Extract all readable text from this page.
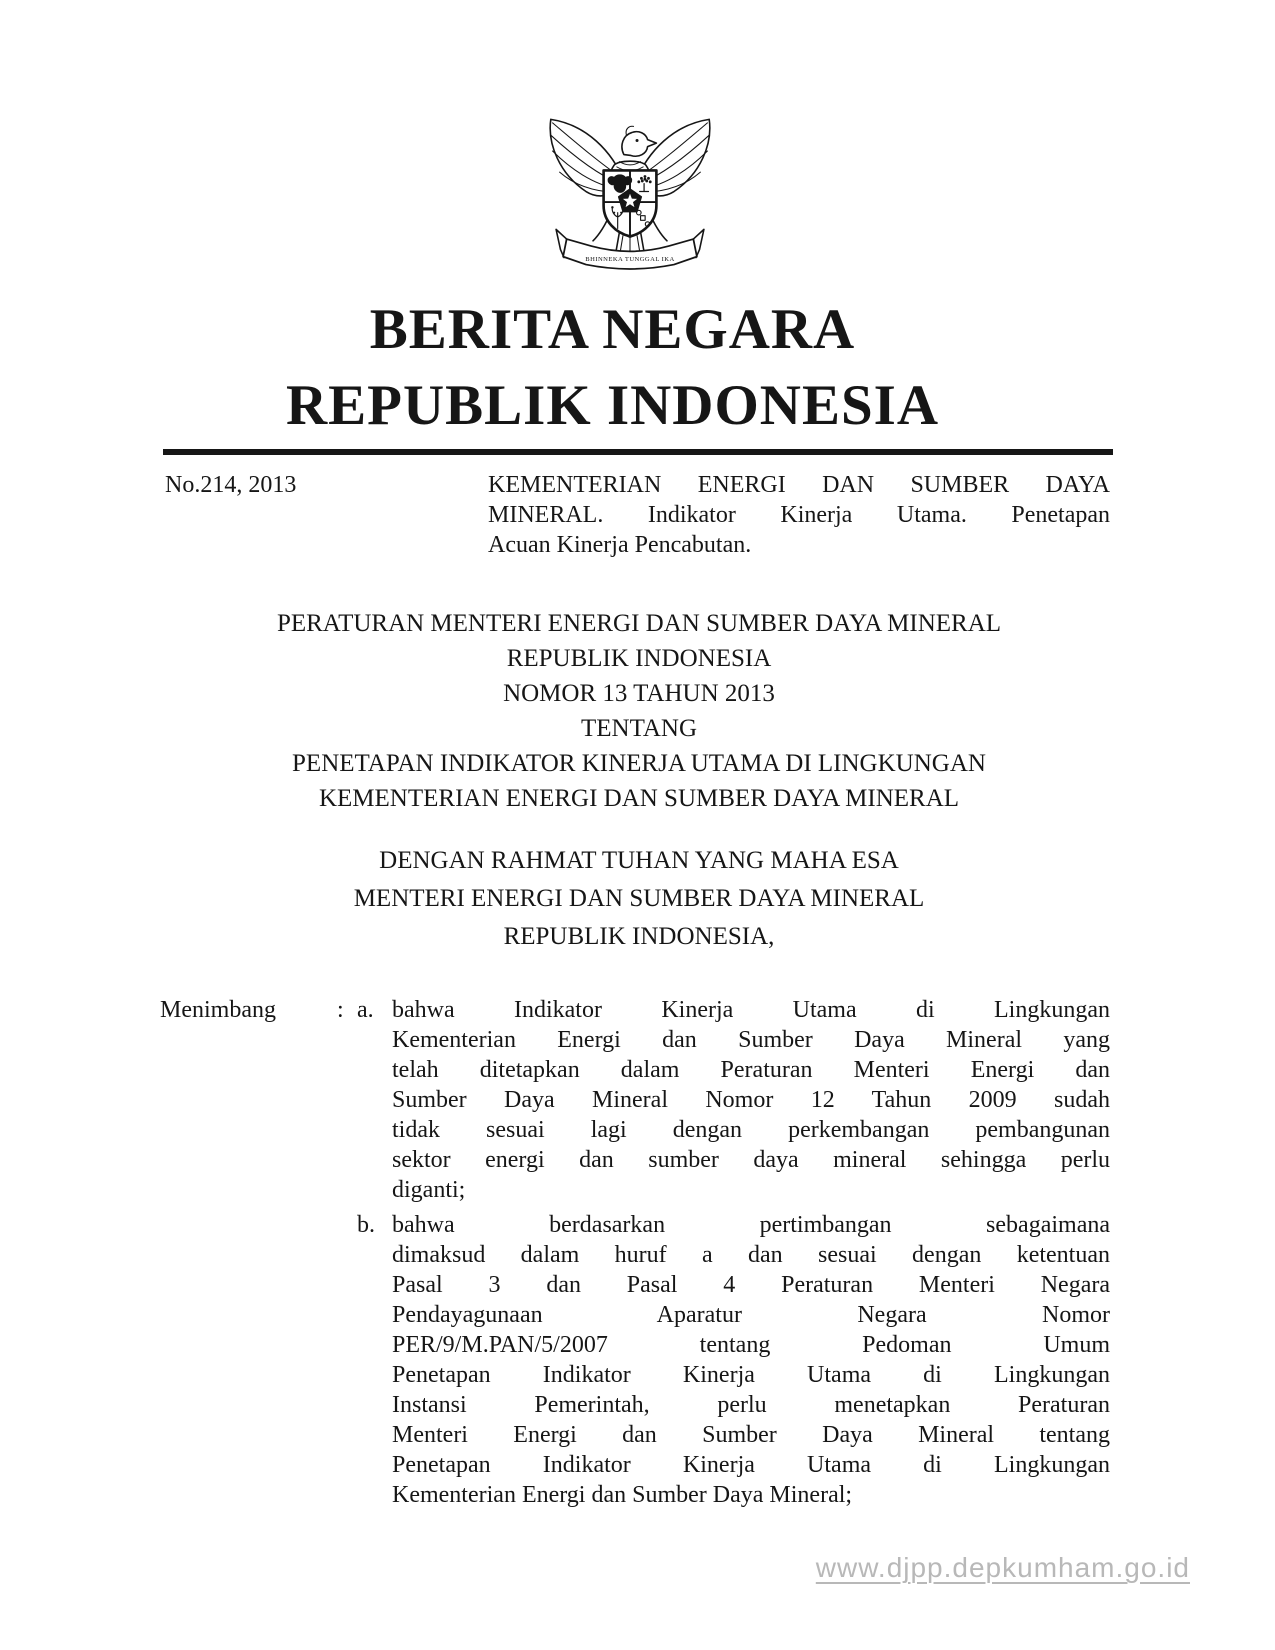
BHINNEKA TUNGGAL IKA
BERITA NEGARA
REPUBLIK INDONESIA
No.214, 2013	KEMENTERIAN ENERGI DAN SUMBER DAYA
MINERAL. Indikator Kinerja Utama. Penetapan
Acuan Kinerja Pencabutan.
PERATURAN MENTERI ENERGI DAN SUMBER DAYA MINERAL
REPUBLIK INDONESIA
NOMOR 13 TAHUN 2013
TENTANG
PENETAPAN INDIKATOR KINERJA UTAMA DI LINGKUNGAN
KEMENTERIAN ENERGI DAN SUMBER DAYA MINERAL
DENGAN RAHMAT TUHAN YANG MAHA ESA
MENTERI ENERGI DAN SUMBER DAYA MINERAL
REPUBLIK INDONESIA,
Menimbang	: a. bahwa Indikator Kinerja Utama di Lingkungan
Kementerian Energi dan Sumber Daya Mineral yang
telah ditetapkan dalam Peraturan Menteri Energi dan
Sumber Daya Mineral Nomor 12 Tahun 2009 sudah
tidak sesuai lagi dengan perkembangan pembangunan
sektor energi dan sumber daya mineral sehingga perlu
diganti;
b. bahwa berdasarkan pertimbangan sebagaimana
dimaksud dalam huruf a dan sesuai dengan ketentuan
Pasal 3 dan Pasal 4 Peraturan Menteri Negara
Pendayagunaan Aparatur Negara Nomor
PER/9/M.PAN/5/2007 tentang Pedoman Umum
Penetapan Indikator Kinerja Utama di Lingkungan
Instansi Pemerintah, perlu menetapkan Peraturan
Menteri Energi dan Sumber Daya Mineral tentang
Penetapan Indikator Kinerja Utama di Lingkungan
Kementerian Energi dan Sumber Daya Mineral;
www.djpp.depkumham.go.id
